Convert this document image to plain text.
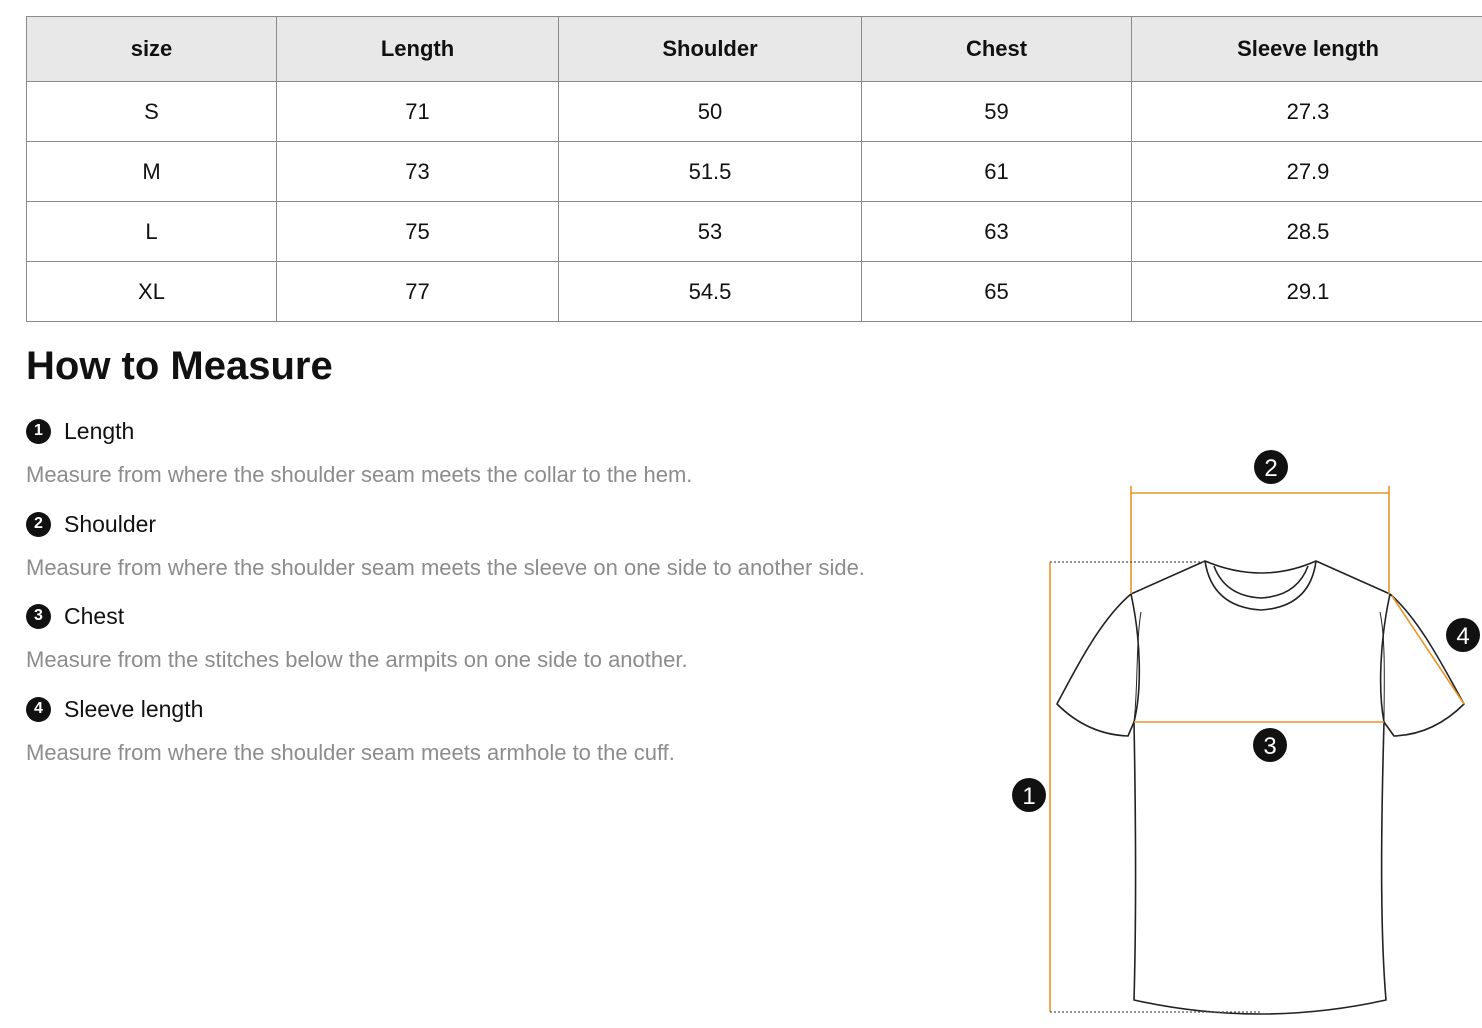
size	Length	Shoulder	Chest	Sleeve length
S	71	50	59	27.3
M	73	51.5	61	27.9
L	75	53	63	28.5
XL	77	54.5	65	29.1
How to Measure
1 Length
Measure from where the shoulder seam meets the collar to the hem.
2 Shoulder
Measure from where the shoulder seam meets the sleeve on one side to another side.
3 Chest
Measure from the stitches below the armpits on one side to another.
4 Sleeve length
Measure from where the shoulder seam meets armhole to the cuff.
1
2
3
4
